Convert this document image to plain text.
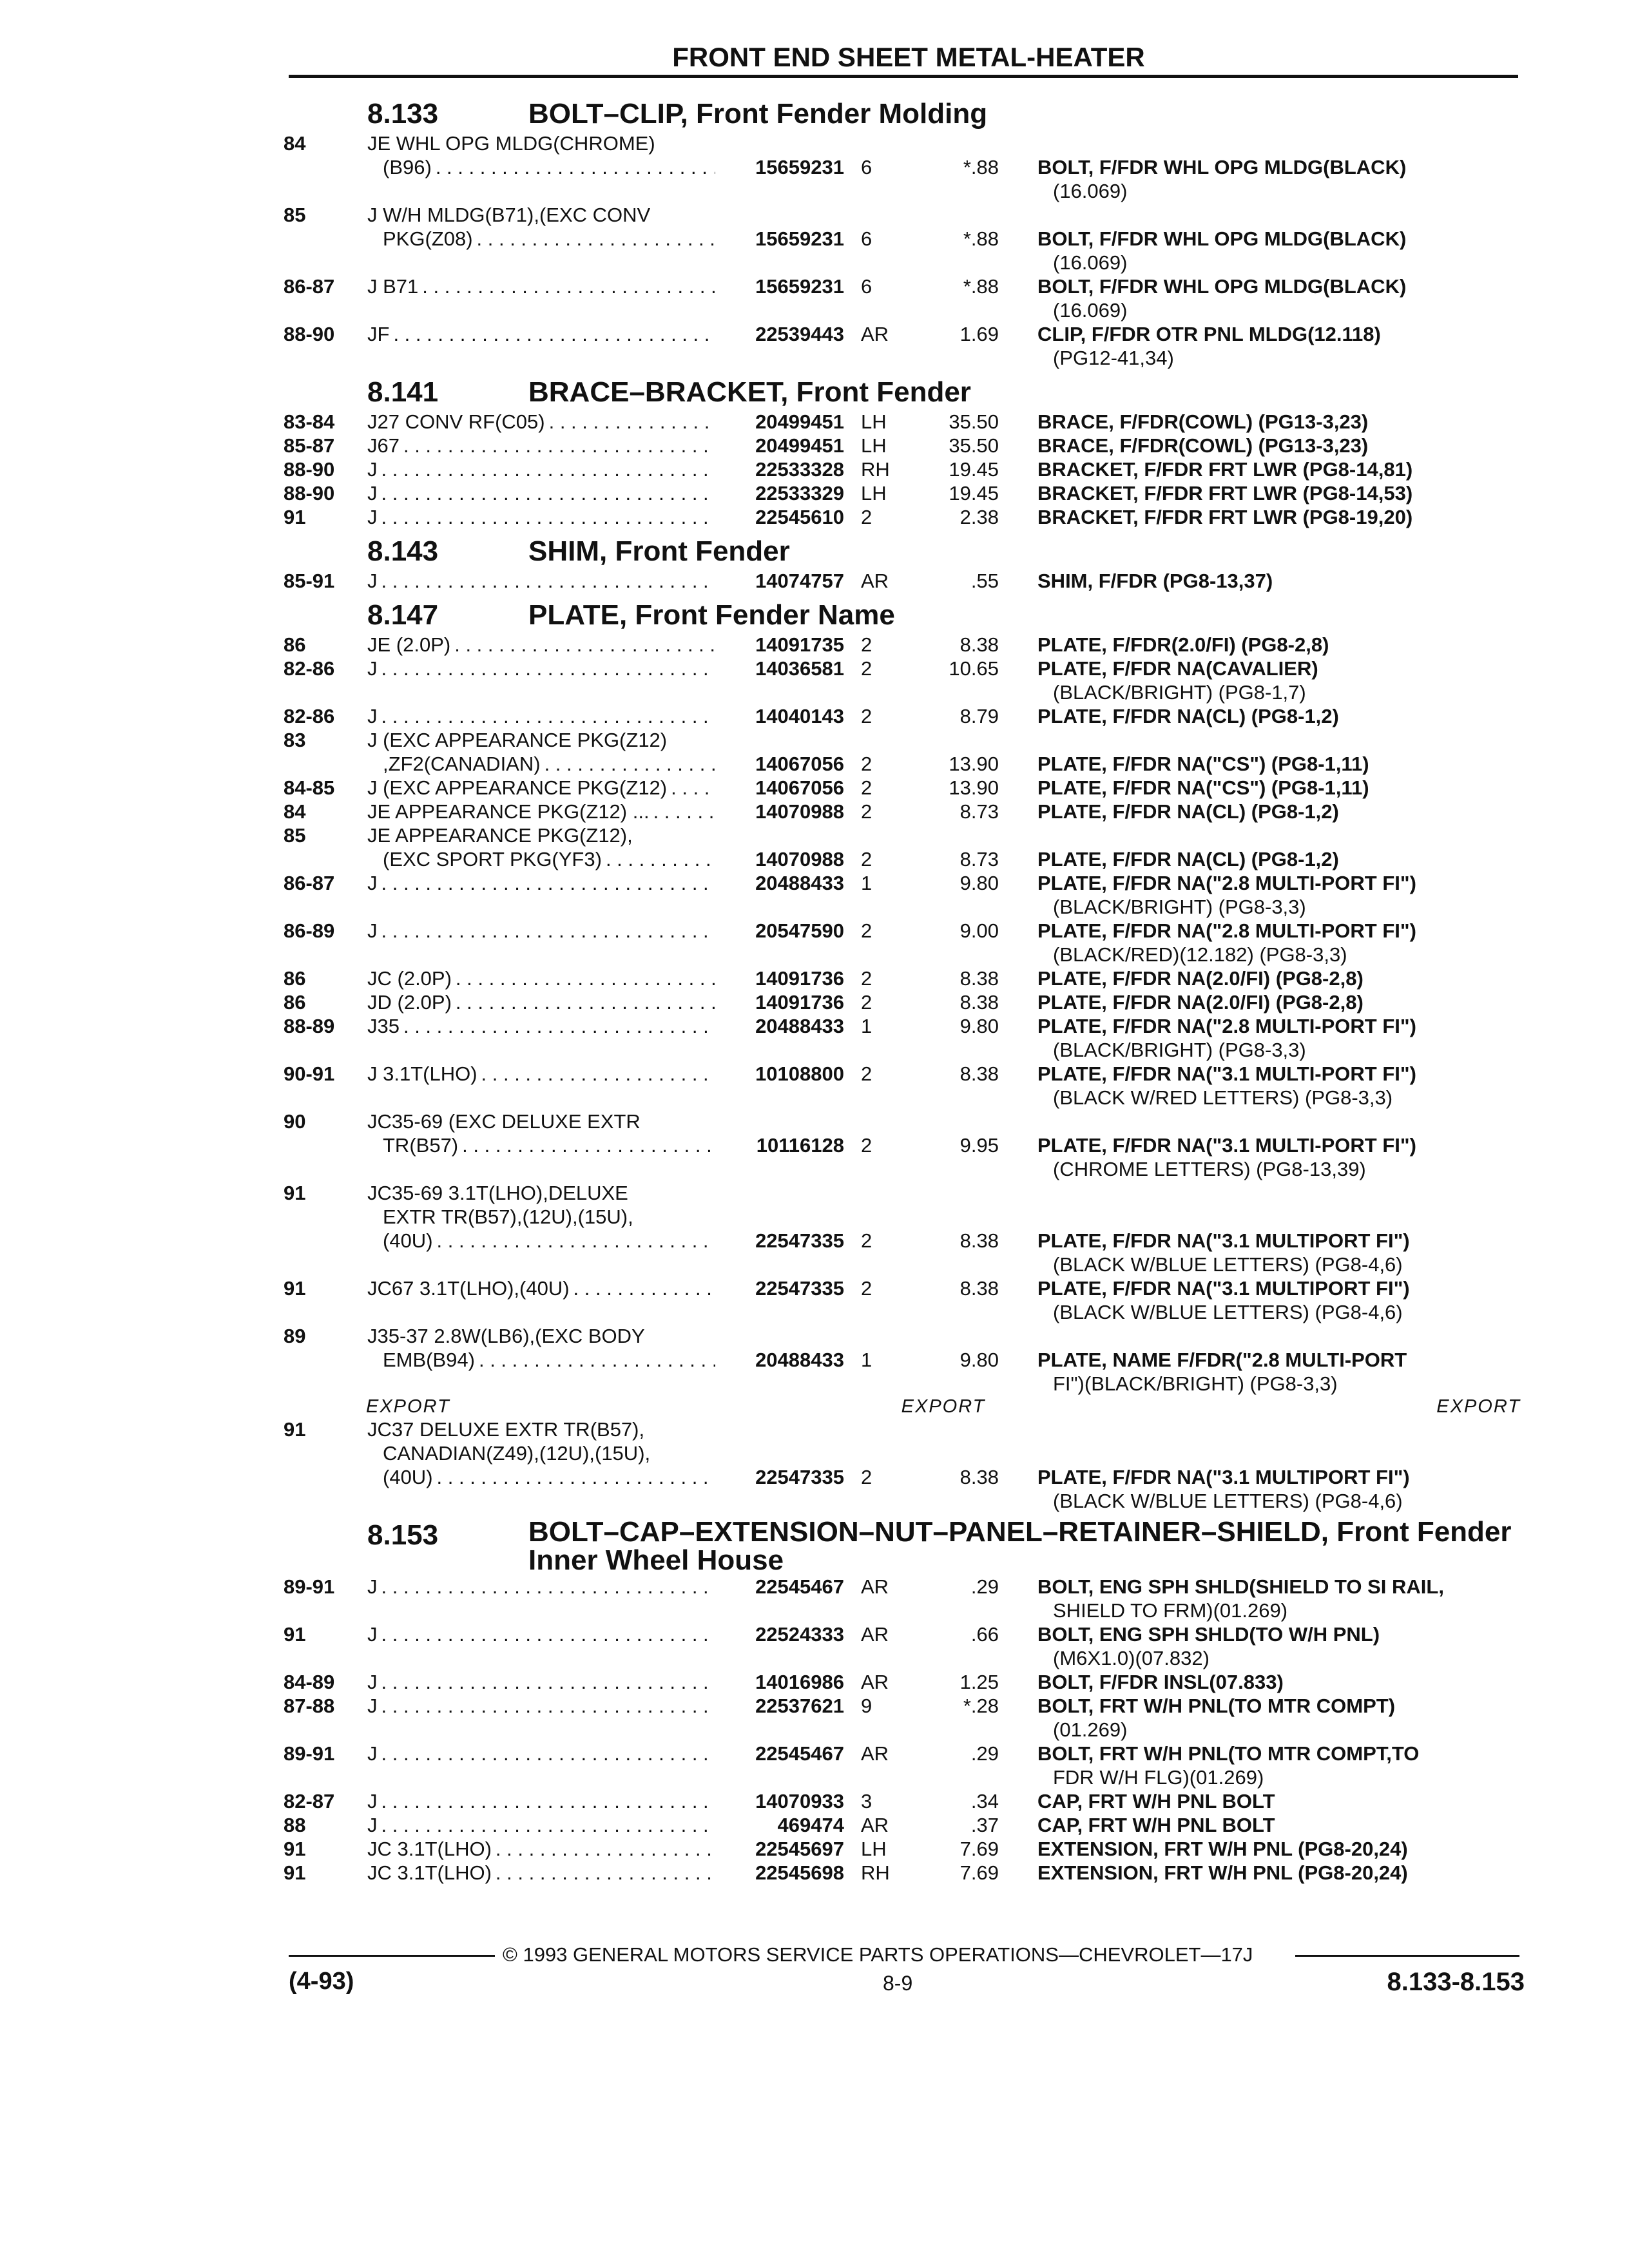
FRONT END SHEET METAL-HEATER
8.133	BOLT–CLIP, Front Fender Molding
84	JE WHL OPG MLDG(CHROME)
(B96) . . .	15659231 6	*.88 BOLT, F/FDR WHL OPG MLDG(BLACK)
(16.069)
85	J W/H MLDG(B71),(EXC CONV
PKG(Z08) . . .	15659231 6	*.88 BOLT, F/FDR WHL OPG MLDG(BLACK)
(16.069)
86-87	J B71 . . .	15659231 6	*.88 BOLT, F/FDR WHL OPG MLDG(BLACK)
(16.069)
88-90	JF . . .	22539443 AR	1.69 CLIP, F/FDR OTR PNL MLDG(12.118)
(PG12-41,34)
8.141	BRACE–BRACKET, Front Fender
83-84	J27 CONV RF(C05) . . .	20499451 LH	35.50 BRACE, F/FDR(COWL) (PG13-3,23)
85-87	J67 . . .	20499451 LH	35.50 BRACE, F/FDR(COWL) (PG13-3,23)
88-90	J . . .	22533328 RH	19.45 BRACKET, F/FDR FRT LWR (PG8-14,81)
88-90	J . . .	22533329 LH	19.45 BRACKET, F/FDR FRT LWR (PG8-14,53)
91	J . . .	22545610 2	2.38 BRACKET, F/FDR FRT LWR (PG8-19,20)
8.143	SHIM, Front Fender
85-91	J . . .	14074757 AR	.55 SHIM, F/FDR (PG8-13,37)
8.147	PLATE, Front Fender Name
86	JE (2.0P) . . .	14091735 2	8.38 PLATE, F/FDR(2.0/FI) (PG8-2,8)
82-86	J . . .	14036581 2	10.65 PLATE, F/FDR NA(CAVALIER)
(BLACK/BRIGHT) (PG8-1,7)
82-86	J . . .	14040143 2	8.79 PLATE, F/FDR NA(CL) (PG8-1,2)
83	J (EXC APPEARANCE PKG(Z12)
,ZF2(CANADIAN) . . .	14067056 2	13.90 PLATE, F/FDR NA("CS") (PG8-1,11)
84-85	J (EXC APPEARANCE PKG(Z12) . . .	14067056 2	13.90 PLATE, F/FDR NA("CS") (PG8-1,11)
84	JE APPEARANCE PKG(Z12) ... . . .	14070988 2	8.73 PLATE, F/FDR NA(CL) (PG8-1,2)
85	JE APPEARANCE PKG(Z12),
(EXC SPORT PKG(YF3) . . .	14070988 2	8.73 PLATE, F/FDR NA(CL) (PG8-1,2)
86-87	J . . .	20488433 1	9.80 PLATE, F/FDR NA("2.8 MULTI-PORT FI")
(BLACK/BRIGHT) (PG8-3,3)
86-89	J . . .	20547590 2	9.00 PLATE, F/FDR NA("2.8 MULTI-PORT FI")
(BLACK/RED)(12.182) (PG8-3,3)
86	JC (2.0P) . . .	14091736 2	8.38 PLATE, F/FDR NA(2.0/FI) (PG8-2,8)
86	JD (2.0P) . . .	14091736 2	8.38 PLATE, F/FDR NA(2.0/FI) (PG8-2,8)
88-89	J35 . . .	20488433 1	9.80 PLATE, F/FDR NA("2.8 MULTI-PORT FI")
(BLACK/BRIGHT) (PG8-3,3)
90-91	J 3.1T(LHO) . . .	10108800 2	8.38 PLATE, F/FDR NA("3.1 MULTI-PORT FI")
(BLACK W/RED LETTERS) (PG8-3,3)
90	JC35-69 (EXC DELUXE EXTR
TR(B57) . . .	10116128 2	9.95 PLATE, F/FDR NA("3.1 MULTI-PORT FI")
(CHROME LETTERS) (PG8-13,39)
91	JC35-69 3.1T(LHO),DELUXE
EXTR TR(B57),(12U),(15U),
(40U) . . .	22547335 2	8.38 PLATE, F/FDR NA("3.1 MULTIPORT FI")
(BLACK W/BLUE LETTERS) (PG8-4,6)
91	JC67 3.1T(LHO),(40U) . . .	22547335 2	8.38 PLATE, F/FDR NA("3.1 MULTIPORT FI")
(BLACK W/BLUE LETTERS) (PG8-4,6)
89	J35-37 2.8W(LB6),(EXC BODY
EMB(B94) . . .	20488433 1	9.80 PLATE, NAME F/FDR("2.8 MULTI-PORT
FI")(BLACK/BRIGHT) (PG8-3,3)
EXPORT	EXPORT	EXPORT
91	JC37 DELUXE EXTR TR(B57),
CANADIAN(Z49),(12U),(15U),
(40U) . . .	22547335 2	8.38 PLATE, F/FDR NA("3.1 MULTIPORT FI")
(BLACK W/BLUE LETTERS) (PG8-4,6)
8.153	BOLT–CAP–EXTENSION–NUT–PANEL–RETAINER–SHIELD, Front Fender Inner Wheel House
89-91	J . . .	22545467 AR	.29 BOLT, ENG SPH SHLD(SHIELD TO SI RAIL,
SHIELD TO FRM)(01.269)
91	J . . .	22524333 AR	.66 BOLT, ENG SPH SHLD(TO W/H PNL)
(M6X1.0)(07.832)
84-89	J . . .	14016986 AR	1.25 BOLT, F/FDR INSL(07.833)
87-88	J . . .	22537621 9	*.28 BOLT, FRT W/H PNL(TO MTR COMPT)
(01.269)
89-91	J . . .	22545467 AR	.29 BOLT, FRT W/H PNL(TO MTR COMPT,TO
FDR W/H FLG)(01.269)
82-87	J . . .	14070933 3	.34 CAP, FRT W/H PNL BOLT
88	J . . .	469474 AR	.37 CAP, FRT W/H PNL BOLT
91	JC 3.1T(LHO) . . .	22545697 LH	7.69 EXTENSION, FRT W/H PNL (PG8-20,24)
91	JC 3.1T(LHO) . . .	22545698 RH	7.69 EXTENSION, FRT W/H PNL (PG8-20,24)
© 1993 GENERAL MOTORS SERVICE PARTS OPERATIONS—CHEVROLET—17J
(4-93)	8-9	8.133-8.153
